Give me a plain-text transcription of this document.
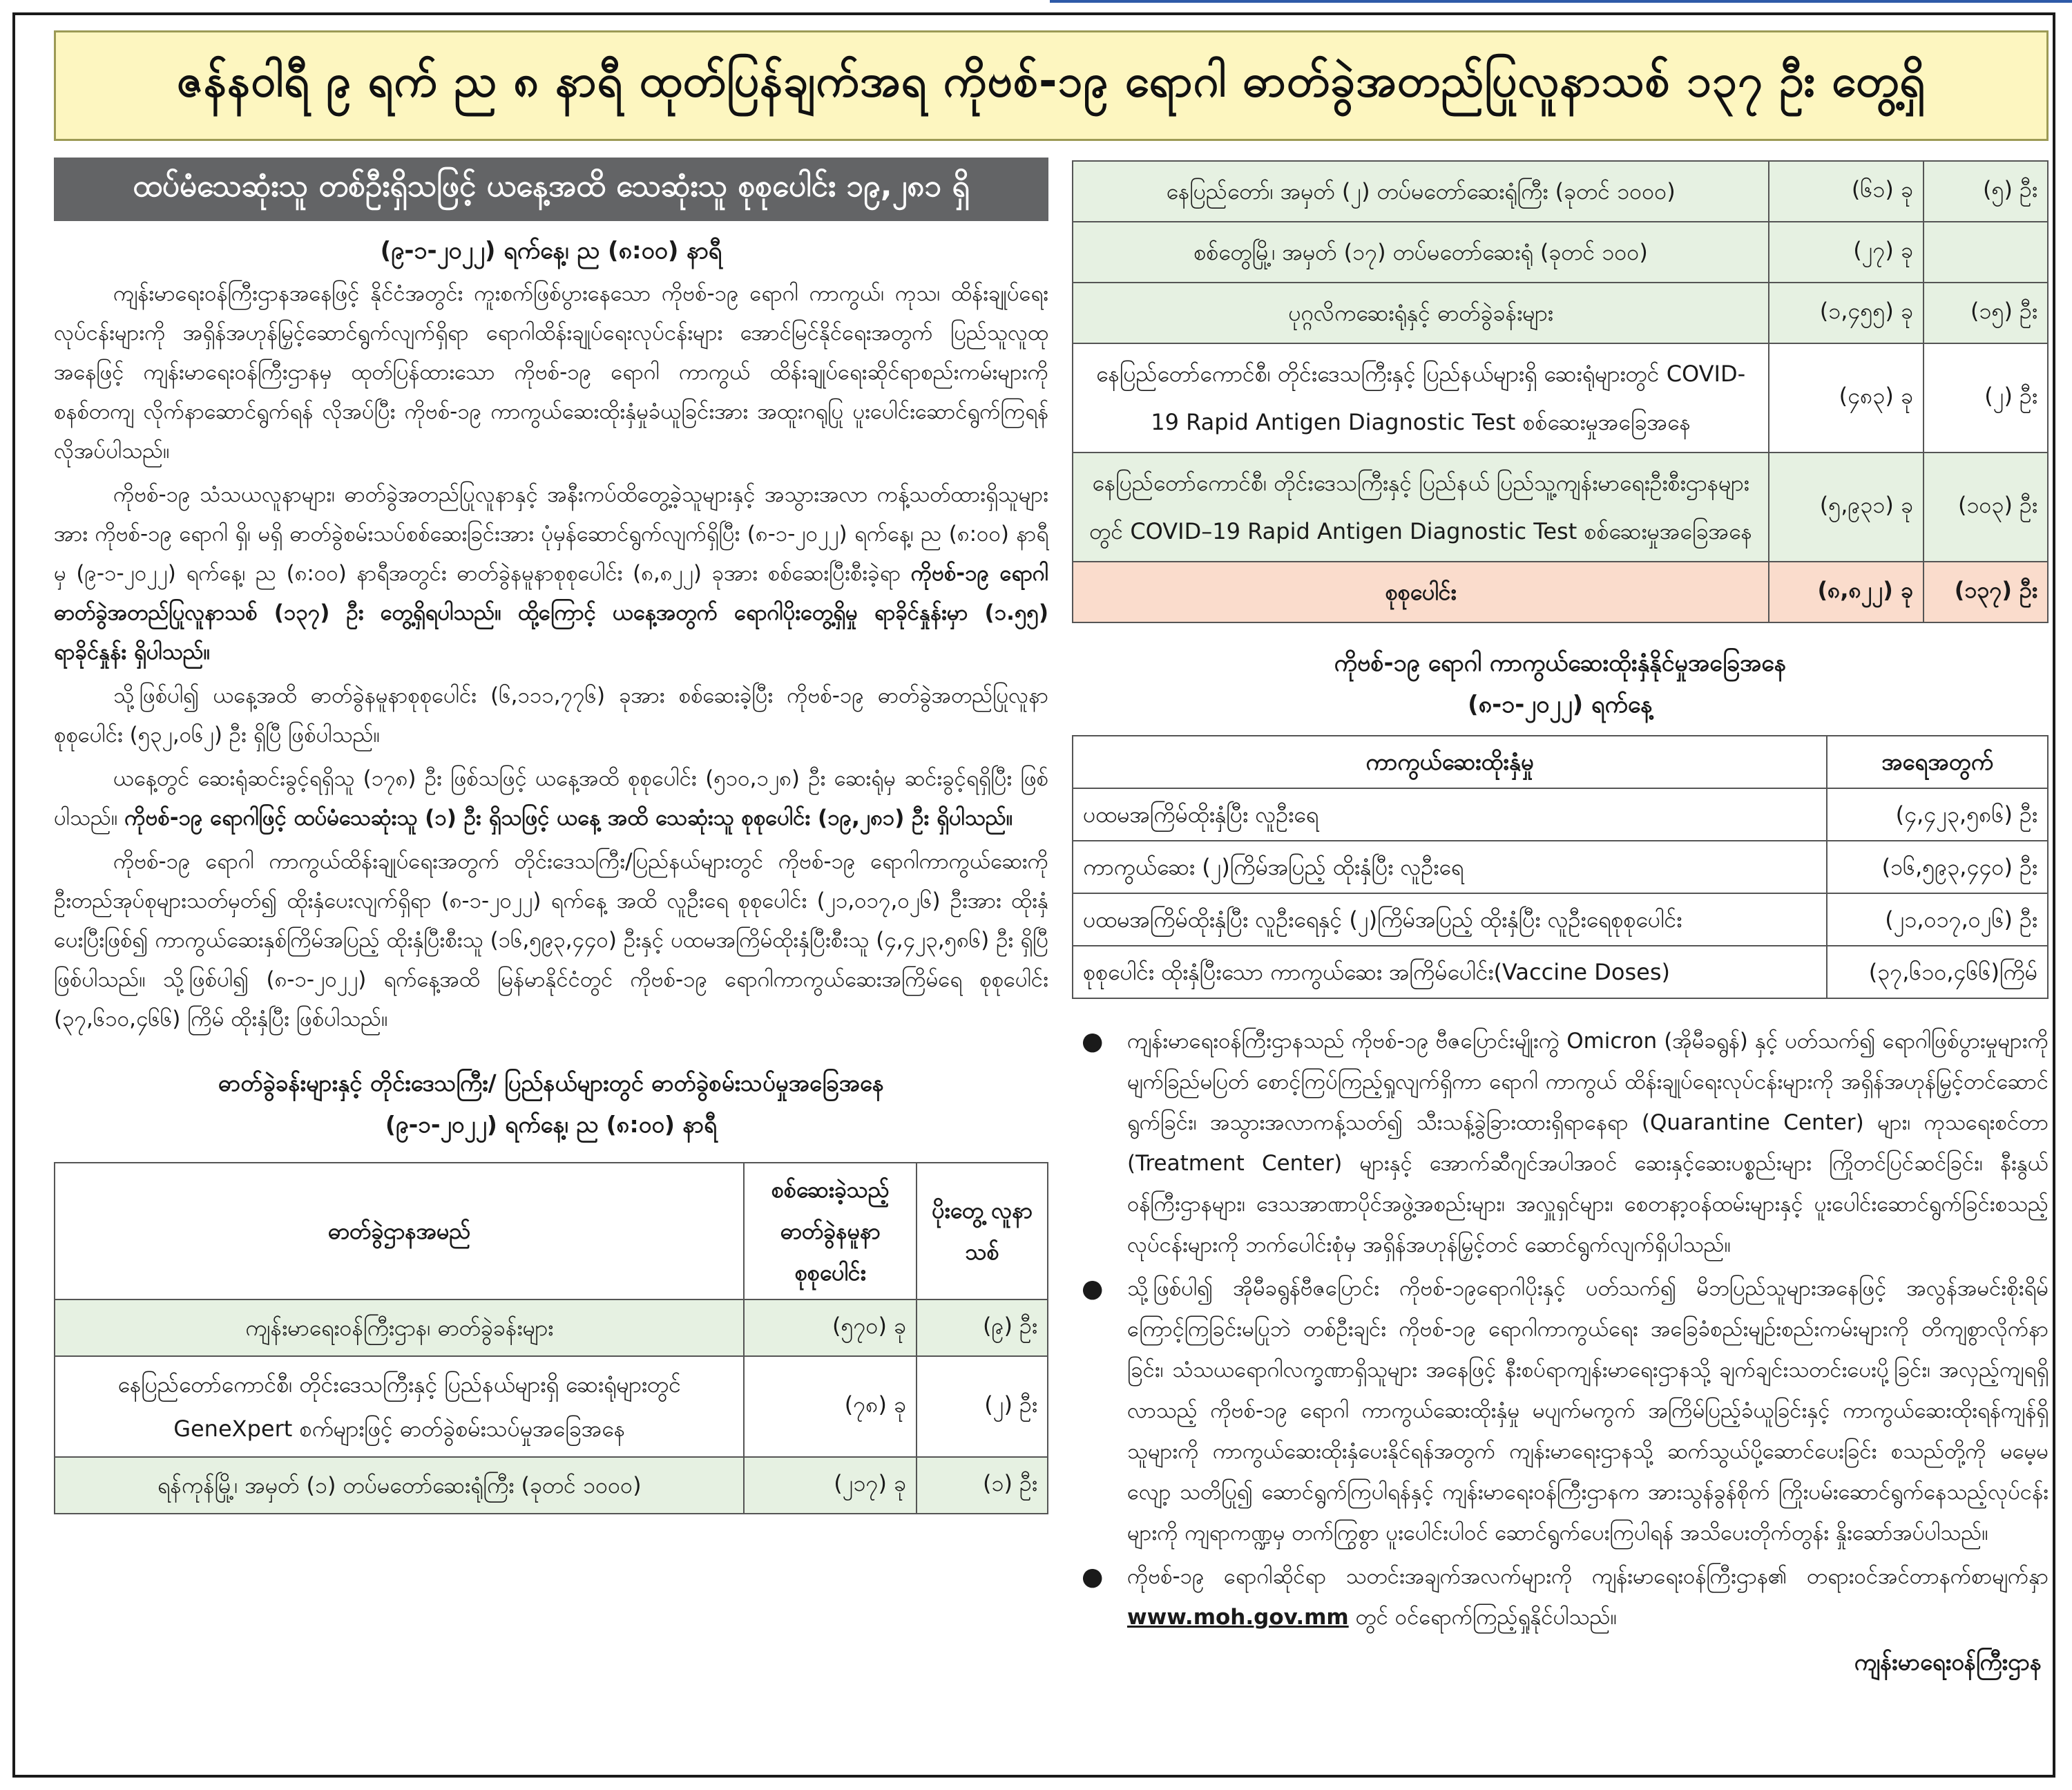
ဇန်နဝါရီ ၉ ရက် ည ၈ နာရီ ထုတ်ပြန်ချက်အရ ကိုဗစ်-၁၉ ရောဂါ ဓာတ်ခွဲအတည်ပြုလူနာသစ် ၁၃၇ ဦး တွေ့ရှိ
ထပ်မံသေဆုံးသူ တစ်ဦးရှိသဖြင့် ယနေ့အထိ သေဆုံးသူ စုစုပေါင်း ၁၉,၂၈၁ ရှိ
(၉-၁-၂၀၂၂) ရက်နေ့၊ ည (၈:၀၀) နာရီ

ကျန်းမာရေးဝန်ကြီးဌာနအနေဖြင့် နိုင်ငံအတွင်း ကူးစက်ဖြစ်ပွားနေသော ကိုဗစ်-၁၉ ရောဂါ ကာကွယ်၊ ကုသ၊ ထိန်းချုပ်ရေးလုပ်ငန်းများကို အရှိန်အဟုန်မြှင့်ဆောင်ရွက်လျက်ရှိရာ ရောဂါထိန်းချုပ်ရေးလုပ်ငန်းများ အောင်မြင်နိုင်ရေးအတွက် ပြည်သူလူထုအနေဖြင့် ကျန်းမာရေးဝန်ကြီးဌာနမှ ထုတ်ပြန်ထားသော ကိုဗစ်-၁၉ ရောဂါ ကာကွယ် ထိန်းချုပ်ရေးဆိုင်ရာစည်းကမ်းများကို စနစ်တကျ လိုက်နာဆောင်ရွက်ရန် လိုအပ်ပြီး ကိုဗစ်-၁၉ ကာကွယ်ဆေးထိုးနှံမှုခံယူခြင်းအား အထူးဂရုပြု ပူးပေါင်းဆောင်ရွက်ကြရန် လိုအပ်ပါသည်။

ကိုဗစ်-၁၉ သံသယလူနာများ၊ ဓာတ်ခွဲအတည်ပြုလူနာနှင့် အနီးကပ်ထိတွေ့ခဲ့သူများနှင့် အသွားအလာ ကန့်သတ်ထားရှိသူများအား ကိုဗစ်-၁၉ ရောဂါ ရှိ၊ မရှိ ဓာတ်ခွဲစမ်းသပ်စစ်ဆေးခြင်းအား ပုံမှန်ဆောင်ရွက်လျက်ရှိပြီး (၈-၁-၂၀၂၂) ရက်နေ့၊ ည (၈:၀၀) နာရီမှ (၉-၁-၂၀၂၂) ရက်နေ့၊ ည (၈:၀၀) နာရီအတွင်း ဓာတ်ခွဲနမူနာစုစုပေါင်း (၈,၈၂၂) ခုအား စစ်ဆေးပြီးစီးခဲ့ရာ ကိုဗစ်-၁၉ ရောဂါ ဓာတ်ခွဲအတည်ပြုလူနာသစ် (၁၃၇) ဦး တွေ့ရှိရပါသည်။ ထို့ကြောင့် ယနေ့အတွက် ရောဂါပိုးတွေ့ရှိမှု ရာခိုင်နှုန်းမှာ (၁.၅၅) ရာခိုင်နှုန်း ရှိပါသည်။

သို့ဖြစ်ပါ၍ ယနေ့အထိ ဓာတ်ခွဲနမူနာစုစုပေါင်း (၆,၁၁၁,၇၇၆) ခုအား စစ်ဆေးခဲ့ပြီး ကိုဗစ်-၁၉ ဓာတ်ခွဲအတည်ပြုလူနာ စုစုပေါင်း (၅၃၂,၀၆၂) ဦး ရှိပြီ ဖြစ်ပါသည်။

ယနေ့တွင် ဆေးရုံဆင်းခွင့်ရရှိသူ (၁၇၈) ဦး ဖြစ်သဖြင့် ယနေ့အထိ စုစုပေါင်း (၅၁၀,၁၂၈) ဦး ဆေးရုံမှ ဆင်းခွင့်ရရှိပြီး ဖြစ်ပါသည်။ ကိုဗစ်-၁၉ ရောဂါဖြင့် ထပ်မံသေဆုံးသူ (၁) ဦး ရှိသဖြင့် ယနေ့ အထိ သေဆုံးသူ စုစုပေါင်း (၁၉,၂၈၁) ဦး ရှိပါသည်။

ကိုဗစ်-၁၉ ရောဂါ ကာကွယ်ထိန်းချုပ်ရေးအတွက် တိုင်းဒေသကြီး/ပြည်နယ်များတွင် ကိုဗစ်-၁၉ ရောဂါကာကွယ်ဆေးကို ဦးတည်အုပ်စုများသတ်မှတ်၍ ထိုးနှံပေးလျက်ရှိရာ (၈-၁-၂၀၂၂) ရက်နေ့ အထိ လူဦးရေ စုစုပေါင်း (၂၁,၀၁၇,၀၂၆) ဦးအား ထိုးနှံပေးပြီးဖြစ်၍ ကာကွယ်ဆေးနှစ်ကြိမ်အပြည့် ထိုးနှံပြီးစီးသူ (၁၆,၅၉၃,၄၄၀) ဦးနှင့် ပထမအကြိမ်ထိုးနှံပြီးစီးသူ (၄,၄၂၃,၅၈၆) ဦး ရှိပြီ ဖြစ်ပါသည်။ သို့ဖြစ်ပါ၍ (၈-၁-၂၀၂၂) ရက်နေ့အထိ မြန်မာနိုင်ငံတွင် ကိုဗစ်-၁၉ ရောဂါကာကွယ်ဆေးအကြိမ်ရေ စုစုပေါင်း (၃၇,၆၁၀,၄၆၆) ကြိမ် ထိုးနှံပြီး ဖြစ်ပါသည်။

ဓာတ်ခွဲခန်းများနှင့် တိုင်းဒေသကြီး/ ပြည်နယ်များတွင် ဓာတ်ခွဲစမ်းသပ်မှုအခြေအနေ
(၉-၁-၂၀၂၂) ရက်နေ့၊ ည (၈:၀၀) နာရီ
ဓာတ်ခွဲဌာနအမည်	စစ်ဆေးခဲ့သည့် ဓာတ်ခွဲနမူနာ စုစုပေါင်း	ပိုးတွေ့ လူနာသစ်
ကျန်းမာရေးဝန်ကြီးဌာန၊ ဓာတ်ခွဲခန်းများ	(၅၇၀) ခု	(၉) ဦး
နေပြည်တော်ကောင်စီ၊ တိုင်းဒေသကြီးနှင့် ပြည်နယ်များရှိ ဆေးရုံများတွင် GeneXpert စက်များဖြင့် ဓာတ်ခွဲစမ်းသပ်မှုအခြေအနေ	(၇၈) ခု	(၂) ဦး
ရန်ကုန်မြို့၊ အမှတ် (၁) တပ်မတော်ဆေးရုံကြီး (ခုတင် ၁၀၀၀)	(၂၁၇) ခု	(၁) ဦး
နေပြည်တော်၊ အမှတ် (၂) တပ်မတော်ဆေးရုံကြီး (ခုတင် ၁၀၀၀)	(၆၁) ခု	(၅) ဦး
စစ်တွေမြို့၊ အမှတ် (၁၇) တပ်မတော်ဆေးရုံ (ခုတင် ၁၀၀)	(၂၇) ခု	
ပုဂ္ဂလိကဆေးရုံနှင့် ဓာတ်ခွဲခန်းများ	(၁,၄၅၅) ခု	(၁၅) ဦး
နေပြည်တော်ကောင်စီ၊ တိုင်းဒေသကြီးနှင့် ပြည်နယ်များရှိ ဆေးရုံများတွင် COVID-19 Rapid Antigen Diagnostic Test စစ်ဆေးမှုအခြေအနေ	(၄၈၃) ခု	(၂) ဦး
နေပြည်တော်ကောင်စီ၊ တိုင်းဒေသကြီးနှင့် ပြည်နယ် ပြည်သူ့ကျန်းမာရေးဦးစီးဌာနများတွင် COVID–19 Rapid Antigen Diagnostic Test စစ်ဆေးမှုအခြေအနေ	(၅,၉၃၁) ခု	(၁၀၃) ဦး
စုစုပေါင်း	(၈,၈၂၂) ခု	(၁၃၇) ဦး
ကိုဗစ်-၁၉ ရောဂါ ကာကွယ်ဆေးထိုးနှံနိုင်မှုအခြေအနေ
(၈-၁-၂၀၂၂) ရက်နေ့
ကာကွယ်ဆေးထိုးနှံမှု	အရေအတွက်
ပထမအကြိမ်ထိုးနှံပြီး လူဦးရေ	(၄,၄၂၃,၅၈၆) ဦး
ကာကွယ်ဆေး (၂)ကြိမ်အပြည့် ထိုးနှံပြီး လူဦးရေ	(၁၆,၅၉၃,၄၄၀) ဦး
ပထမအကြိမ်ထိုးနှံပြီး လူဦးရေနှင့် (၂)ကြိမ်အပြည့် ထိုးနှံပြီး လူဦးရေစုစုပေါင်း	(၂၁,၀၁၇,၀၂၆) ဦး
စုစုပေါင်း ထိုးနှံပြီးသော ကာကွယ်ဆေး အကြိမ်ပေါင်း(Vaccine Doses)	(၃၇,၆၁၀,၄၆၆)ကြိမ်
●	ကျန်းမာရေးဝန်ကြီးဌာနသည် ကိုဗစ်-၁၉ ဗီဇပြောင်းမျိုးကွဲ Omicron (အိုမီခရွန်) နှင့် ပတ်သက်၍ ရောဂါဖြစ်ပွားမှုများကို မျက်ခြည်မပြတ် စောင့်ကြပ်ကြည့်ရှုလျက်ရှိကာ ရောဂါ ကာကွယ် ထိန်းချုပ်ရေးလုပ်ငန်းများကို အရှိန်အဟုန်မြှင့်တင်ဆောင်ရွက်ခြင်း၊ အသွားအလာကန့်သတ်၍ သီးသန့်ခွဲခြားထားရှိရာနေရာ (Quarantine Center) များ၊ ကုသရေးစင်တာ (Treatment Center) များနှင့် အောက်ဆီဂျင်အပါအဝင် ဆေးနှင့်ဆေးပစ္စည်းများ ကြိုတင်ပြင်ဆင်ခြင်း၊ နီးနွယ်ဝန်ကြီးဌာနများ၊ ဒေသအာဏာပိုင်အဖွဲ့အစည်းများ၊ အလှူရှင်များ၊ စေတနာ့ဝန်ထမ်းများနှင့် ပူးပေါင်းဆောင်ရွက်ခြင်းစသည့် လုပ်ငန်းများကို ဘက်ပေါင်းစုံမှ အရှိန်အဟုန်မြှင့်တင် ဆောင်ရွက်လျက်ရှိပါသည်။
●	သို့ဖြစ်ပါ၍ အိုမီခရွန်ဗီဇပြောင်း ကိုဗစ်-၁၉ရောဂါပိုးနှင့် ပတ်သက်၍ မိဘပြည်သူများအနေဖြင့် အလွန်အမင်းစိုးရိမ်ကြောင့်ကြခြင်းမပြုဘဲ တစ်ဦးချင်း ကိုဗစ်-၁၉ ရောဂါကာကွယ်ရေး အခြေခံစည်းမျဉ်းစည်းကမ်းများကို တိကျစွာလိုက်နာခြင်း၊ သံသယရောဂါလက္ခဏာရှိသူများ အနေဖြင့် နီးစပ်ရာကျန်းမာရေးဌာနသို့ ချက်ချင်းသတင်းပေးပို့ခြင်း၊ အလှည့်ကျရရှိလာသည့် ကိုဗစ်-၁၉ ရောဂါ ကာကွယ်ဆေးထိုးနှံမှု မပျက်မကွက် အကြိမ်ပြည့်ခံယူခြင်းနှင့် ကာကွယ်ဆေးထိုးရန်ကျန်ရှိသူများကို ကာကွယ်ဆေးထိုးနှံပေးနိုင်ရန်အတွက် ကျန်းမာရေးဌာနသို့ ဆက်သွယ်ပို့ဆောင်ပေးခြင်း စသည်တို့ကို မမေ့မလျော့ သတိပြု၍ ဆောင်ရွက်ကြပါရန်နှင့် ကျန်းမာရေးဝန်ကြီးဌာနက အားသွန်ခွန်စိုက် ကြိုးပမ်းဆောင်ရွက်နေသည့်လုပ်ငန်းများကို ကျရာကဏ္ဍမှ တက်ကြွစွာ ပူးပေါင်းပါဝင် ဆောင်ရွက်ပေးကြပါရန် အသိပေးတိုက်တွန်း နှိုးဆော်အပ်ပါသည်။
●	ကိုဗစ်-၁၉ ရောဂါဆိုင်ရာ သတင်းအချက်အလက်များကို ကျန်းမာရေးဝန်ကြီးဌာန၏ တရားဝင်အင်တာနက်စာမျက်နှာ www.moh.gov.mm တွင် ဝင်ရောက်ကြည့်ရှုနိုင်ပါသည်။
ကျန်းမာရေးဝန်ကြီးဌာန
